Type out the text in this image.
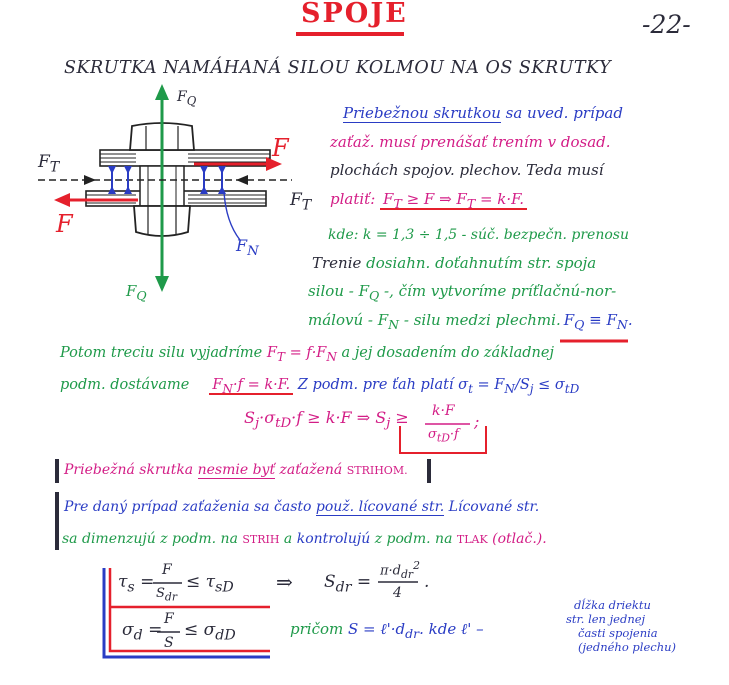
SPOJE	-22-
SKRUTKA NAMÁHANÁ SILOU KOLMOU NA OS SKRUTKY
$F_Q$
$F_Q$
$F_T$
$F_T$
F
F
$F_N$
Priebežnou skrutkou sa uved. prípad
zaťaž. musí prenášať trením v dosad.
plochách spojov. plechov. Teda musí
platiť: $F_T \ge F$ ⇒ $F_T = k\cdot F$.
kde: k = 1,3 ÷ 1,5 - súč. bezpečn. prenosu
Trenie dosiahn. doťahnutím str. spoja
silou - $F_Q$ -, čím vytvoríme príťlačnú-nor-
málovú - $F_N$ - silu medzi plechmi. $F_Q \equiv F_N$.
Potom treciu silu vyjadríme $F_T = f\cdot F_N$ a jej dosadením do základnej
podm. dostávame $F_N\cdot f = k\cdot F$. Z podm. pre ťah platí $\sigma_t = F_N/S_j \le \sigma_{tD}$
$S_j\cdot\sigma_{tD}\cdot f \ge k\cdot F$ ⇒ $S_j \ge k\cdot F$
$\sigma_{tD}\cdot f$
;
Priebežná skrutka nesmie byť zaťažená STRIHOM.
Pre daný prípad zaťaženia sa často použ. lícované str. Lícované str.
sa dimenzujú z podm. na STRIH a kontrolujú z podm. na TLAK (otlač.).
$\tau_s$ =
F
$S_{dr}$
≤ $\tau_{sD}$ ⇒ $S_{dr}$ =
$\pi\cdot d_{dr}^2$
4
.
$\sigma_d$ =
F
S
≤ $\sigma_{dD}$	pričom $S = \ell'\cdot d_{dr}$. kde ℓ' –
dĺžka driektu
str. len jednej
časti spojenia
(jedného plechu)
